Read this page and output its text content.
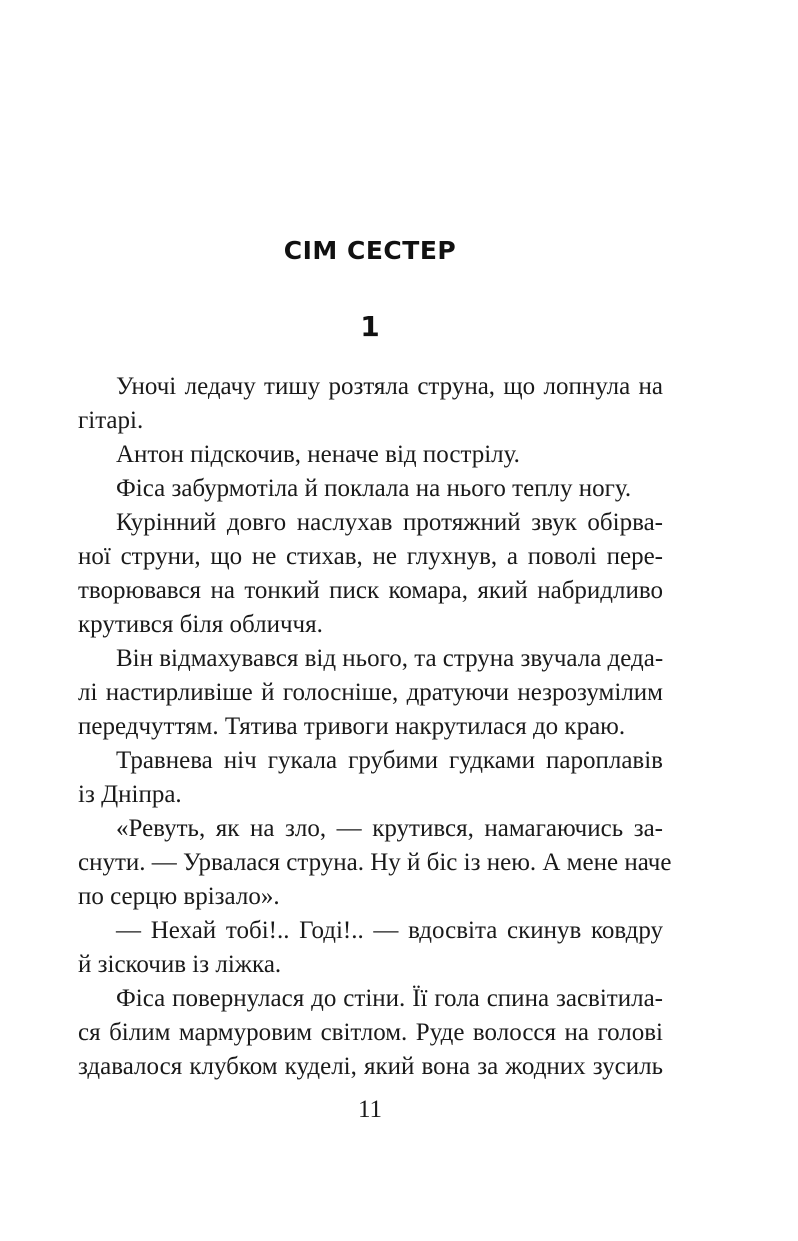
СІМ СЕСТЕР
1
Уночі ледачу тишу розтяла струна, що лопнула на
гітарі.
Антон підскочив, неначе від пострілу.
Фіса забурмотіла й поклала на нього теплу ногу.
Курінний довго наслухав протяжний звук обірва-
ної струни, що не стихав, не глухнув, а поволі пере-
творювався на тонкий писк комара, який набридливо
крутився біля обличчя.
Він відмахувався від нього, та струна звучала деда-
лі настирливіше й голосніше, дратуючи незрозумілим
передчуттям. Тятива тривоги накрутилася до краю.
Травнева ніч гукала грубими гудками пароплавів
із Дніпра.
«Ревуть, як на зло, — крутився, намагаючись за-
снути. — Урвалася струна. Ну й біс із нею. А мене наче
по серцю врізало».
— Нехай тобі!.. Годі!.. — вдосвіта скинув ковдру
й зіскочив із ліжка.
Фіса повернулася до стіни. Її гола спина засвітила-
ся білим мармуровим світлом. Руде волосся на голові
здавалося клубком куделі, який вона за жодних зусиль
11
